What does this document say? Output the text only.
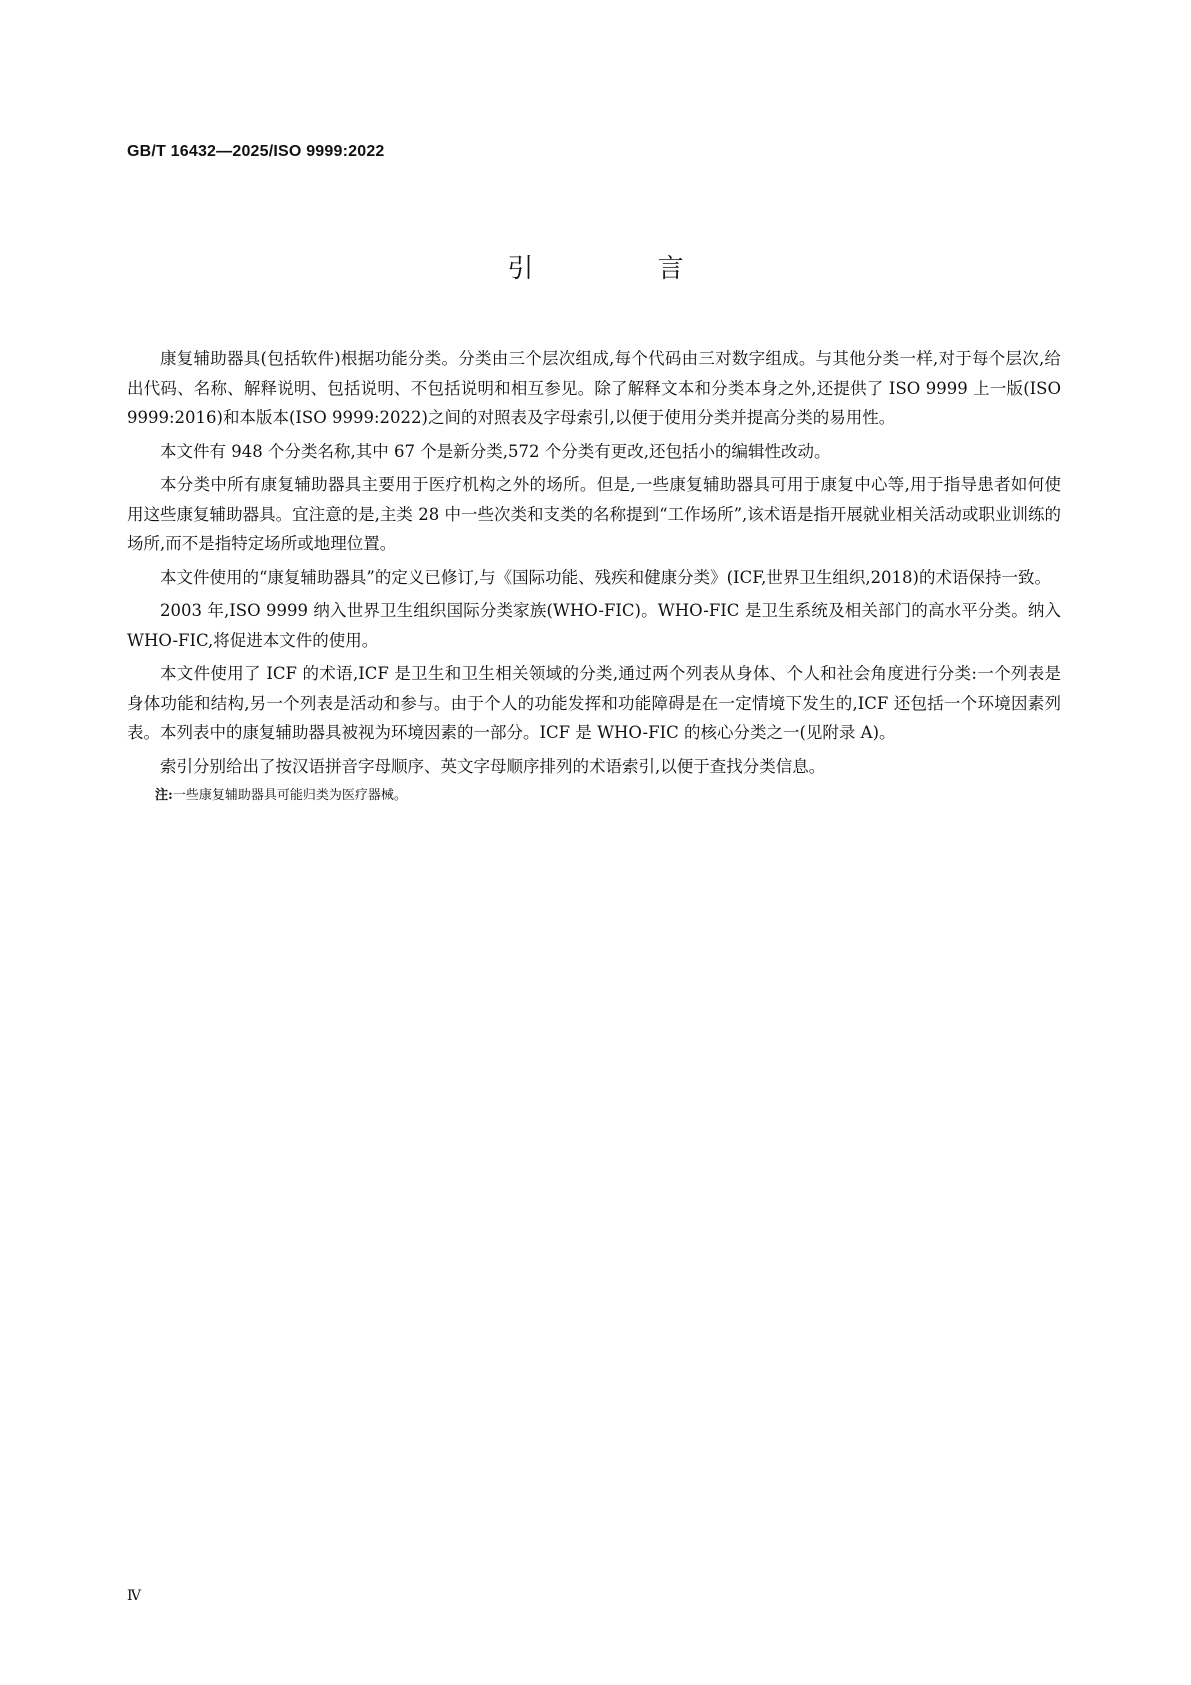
GB/T 16432—2025/ISO 9999:2022
引 言

康复辅助器具(包括软件)根据功能分类。分类由三个层次组成,每个代码由三对数字组成。与其他分类一样,对于每个层次,给出代码、名称、解释说明、包括说明、不包括说明和相互参见。除了解释文本和分类本身之外,还提供了 ISO 9999 上一版(ISO 9999:2016)和本版本(ISO 9999:2022)之间的对照表及字母索引,以便于使用分类并提高分类的易用性。

本文件有 948 个分类名称,其中 67 个是新分类,572 个分类有更改,还包括小的编辑性改动。

本分类中所有康复辅助器具主要用于医疗机构之外的场所。但是,一些康复辅助器具可用于康复中心等,用于指导患者如何使用这些康复辅助器具。宜注意的是,主类 28 中一些次类和支类的名称提到“工作场所”,该术语是指开展就业相关活动或职业训练的场所,而不是指特定场所或地理位置。

本文件使用的“康复辅助器具”的定义已修订,与《国际功能、残疾和健康分类》(ICF,世界卫生组织,2018)的术语保持一致。

2003 年,ISO 9999 纳入世界卫生组织国际分类家族(WHO-FIC)。WHO-FIC 是卫生系统及相关部门的高水平分类。纳入 WHO-FIC,将促进本文件的使用。

本文件使用了 ICF 的术语,ICF 是卫生和卫生相关领域的分类,通过两个列表从身体、个人和社会角度进行分类:一个列表是身体功能和结构,另一个列表是活动和参与。由于个人的功能发挥和功能障碍是在一定情境下发生的,ICF 还包括一个环境因素列表。本列表中的康复辅助器具被视为环境因素的一部分。ICF 是 WHO-FIC 的核心分类之一(见附录 A)。

索引分别给出了按汉语拼音字母顺序、英文字母顺序排列的术语索引,以便于查找分类信息。

注:一些康复辅助器具可能归类为医疗器械。

Ⅳ
